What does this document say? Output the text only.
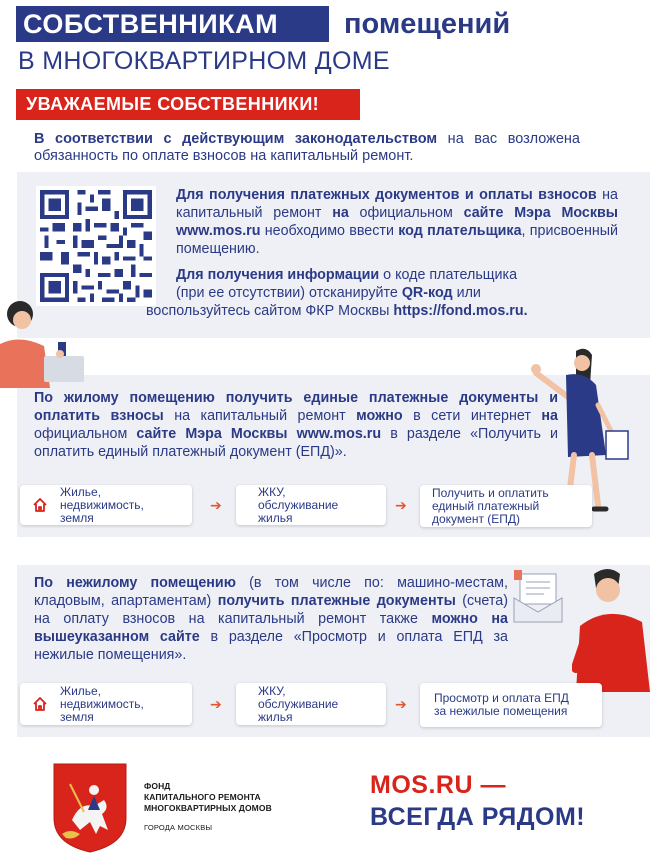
СОБСТВЕННИКАМ	помещений
В МНОГОКВАРТИРНОМ ДОМЕ
УВАЖАЕМЫЕ СОБСТВЕННИКИ!
В соответствии с действующим законодательством на вас возложена обязанность по оплате взносов на капитальный ремонт.

Для получения платежных документов и оплаты взносов на капитальный ремонт на официальном сайте Мэра Москвы www.mos.ru необходимо ввести код плательщика, присвоенный помещению.

Для получения информации о коде плательщика
(при ее отсутствии) отсканируйте QR-код или
воспользуйтесь сайтом ФКР Москвы https://fond.mos.ru.
По жилому помещению получить единые платежные документы и оплатить взносы на капитальный ремонт можно в сети интернет на официальном сайте Мэра Москвы www.mos.ru в разделе «Получить и оплатить единый платежный документ (ЕПД)».
Жилье, недвижимость, земля
➔
ЖКУ, обслуживание жилья
➔
Получить и оплатить единый платежный документ (ЕПД)
По нежилому помещению (в том числе по: машино-местам, кладовым, апартаментам) получить платежные документы (счета) на оплату взносов на капитальный ремонт также можно на вышеуказанном сайте в разделе «Просмотр и оплата ЕПД за нежилые помещения».
Жилье, недвижимость, земля
➔
ЖКУ, обслуживание жилья
➔ Просмотр и оплата ЕПД за нежилые помещения
ФОНД
КАПИТАЛЬНОГО РЕМОНТА
МНОГОКВАРТИРНЫХ ДОМОВ
ГОРОДА МОСКВЫ
MOS.RU —
ВСЕГДА РЯДОМ!
